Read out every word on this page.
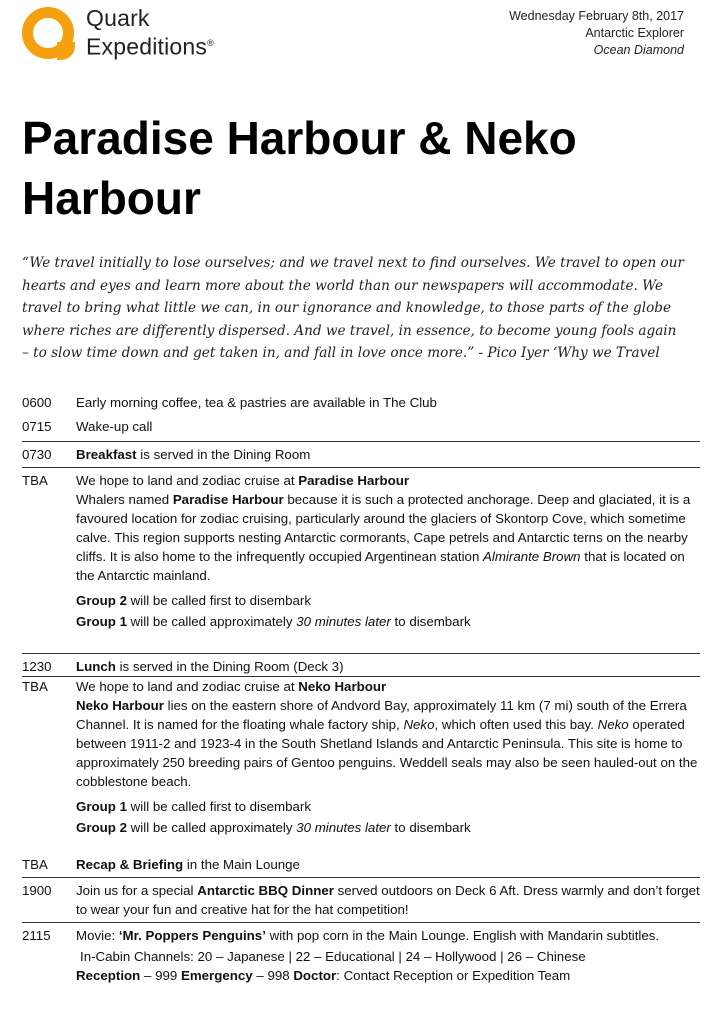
Quark
Expeditions®
Wednesday February 8th, 2017
Antarctic Explorer
Ocean Diamond
Paradise Harbour & Neko Harbour

“We travel initially to lose ourselves; and we travel next to find ourselves. We travel to open our hearts and eyes and learn more about the world than our newspapers will accommodate. We travel to bring what little we can, in our ignorance and knowledge, to those parts of the globe where riches are differently dispersed. And we travel, in essence, to become young fools again – to slow time down and get taken in, and fall in love once more.” - Pico Iyer ‘Why we Travel

0600	Early morning coffee, tea & pastries are available in The Club
0715	Wake-up call
0730	Breakfast is served in the Dining Room
TBA	We hope to land and zodiac cruise at Paradise Harbour
Whalers named Paradise Harbour because it is such a protected anchorage. Deep and glaciated, it is a favoured location for zodiac cruising, particularly around the glaciers of Skontorp Cove, which sometime calve. This region supports nesting Antarctic cormorants, Cape petrels and Antarctic terns on the nearby cliffs. It is also home to the infrequently occupied Argentinean station Almirante Brown that is located on the Antarctic mainland.
Group 2 will be called first to disembark
Group 1 will be called approximately 30 minutes later to disembark
1230	Lunch is served in the Dining Room (Deck 3)
TBA	We hope to land and zodiac cruise at Neko Harbour
Neko Harbour lies on the eastern shore of Andvord Bay, approximately 11 km (7 mi) south of the Errera Channel. It is named for the floating whale factory ship, Neko, which often used this bay. Neko operated between 1911-2 and 1923-4 in the South Shetland Islands and Antarctic Peninsula. This site is home to approximately 250 breeding pairs of Gentoo penguins. Weddell seals may also be seen hauled-out on the cobblestone beach.
Group 1 will be called first to disembark
Group 2 will be called approximately 30 minutes later to disembark
TBA	Recap & Briefing in the Main Lounge
1900	Join us for a special Antarctic BBQ Dinner served outdoors on Deck 6 Aft. Dress warmly and don’t forget to wear your fun and creative hat for the hat competition!
2115	Movie: ‘Mr. Poppers Penguins’ with pop corn in the Main Lounge. English with Mandarin subtitles.
In-Cabin Channels: 20 – Japanese | 22 – Educational | 24 – Hollywood | 26 – Chinese
Reception – 999 Emergency – 998 Doctor: Contact Reception or Expedition Team
